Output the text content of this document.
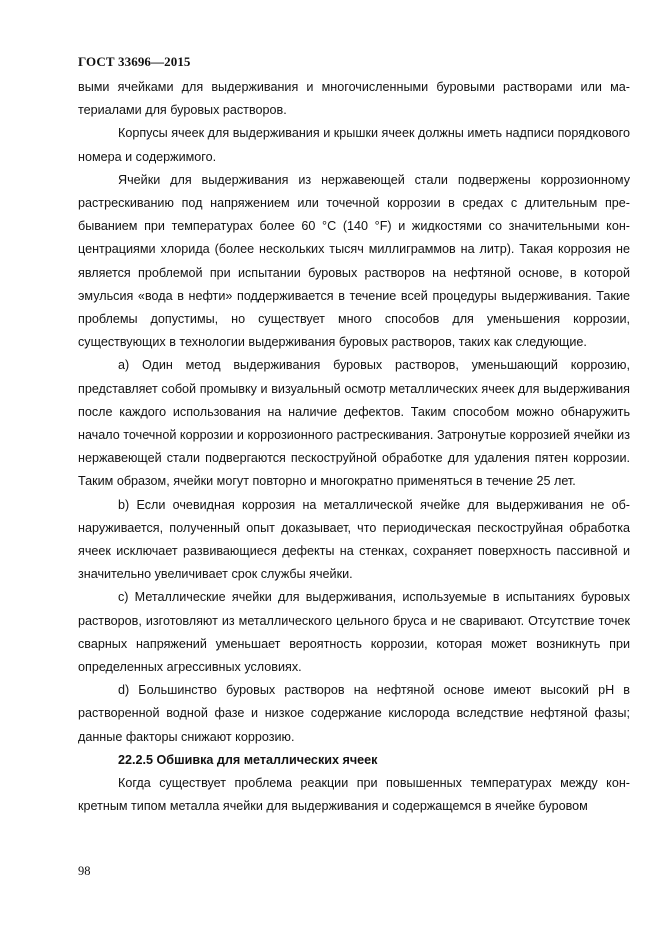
ГОСТ 33696—2015

выми ячейками для выдерживания и многочисленными буровыми растворами или материалами для буровых растворов.

Корпусы ячеек для выдерживания и крышки ячеек должны иметь надписи порядкового номера и содержимого.

Ячейки для выдерживания из нержавеющей стали подвержены коррозионному растрескиванию под напряжением или точечной коррозии в средах с длительным пребыванием при температурах более 60 °C (140 °F) и жидкостями со значительными концентрациями хлорида (более нескольких тысяч миллиграммов на литр). Такая коррозия не является проблемой при испытании буровых растворов на нефтяной основе, в которой эмульсия «вода в нефти» поддерживается в течение всей процедуры выдерживания. Такие проблемы допустимы, но существует много способов для уменьшения коррозии, существующих в технологии выдерживания буровых растворов, таких как следующие.

a) Один метод выдерживания буровых растворов, уменьшающий коррозию, представляет собой промывку и визуальный осмотр металлических ячеек для выдерживания после каждого использования на наличие дефектов. Таким способом можно обнаружить начало точечной коррозии и коррозионного растрескивания. Затронутые коррозией ячейки из нержавеющей стали подвергаются пескоструйной обработке для удаления пятен коррозии. Таким образом, ячейки могут повторно и многократно применяться в течение 25 лет.

b) Если очевидная коррозия на металлической ячейке для выдерживания не обнаруживается, полученный опыт доказывает, что периодическая пескоструйная обработка ячеек исключает развивающиеся дефекты на стенках, сохраняет поверхность пассивной и значительно увеличивает срок службы ячейки.

c) Металлические ячейки для выдерживания, используемые в испытаниях буровых растворов, изготовляют из металлического цельного бруса и не сваривают. Отсутствие точек сварных напряжений уменьшает вероятность коррозии, которая может возникнуть при определенных агрессивных условиях.

d) Большинство буровых растворов на нефтяной основе имеют высокий pH в растворенной водной фазе и низкое содержание кислорода вследствие нефтяной фазы; данные факторы снижают коррозию.

22.2.5 Обшивка для металлических ячеек

Когда существует проблема реакции при повышенных температурах между конкретным типом металла ячейки для выдерживания и содержащемся в ячейке буровом

98
